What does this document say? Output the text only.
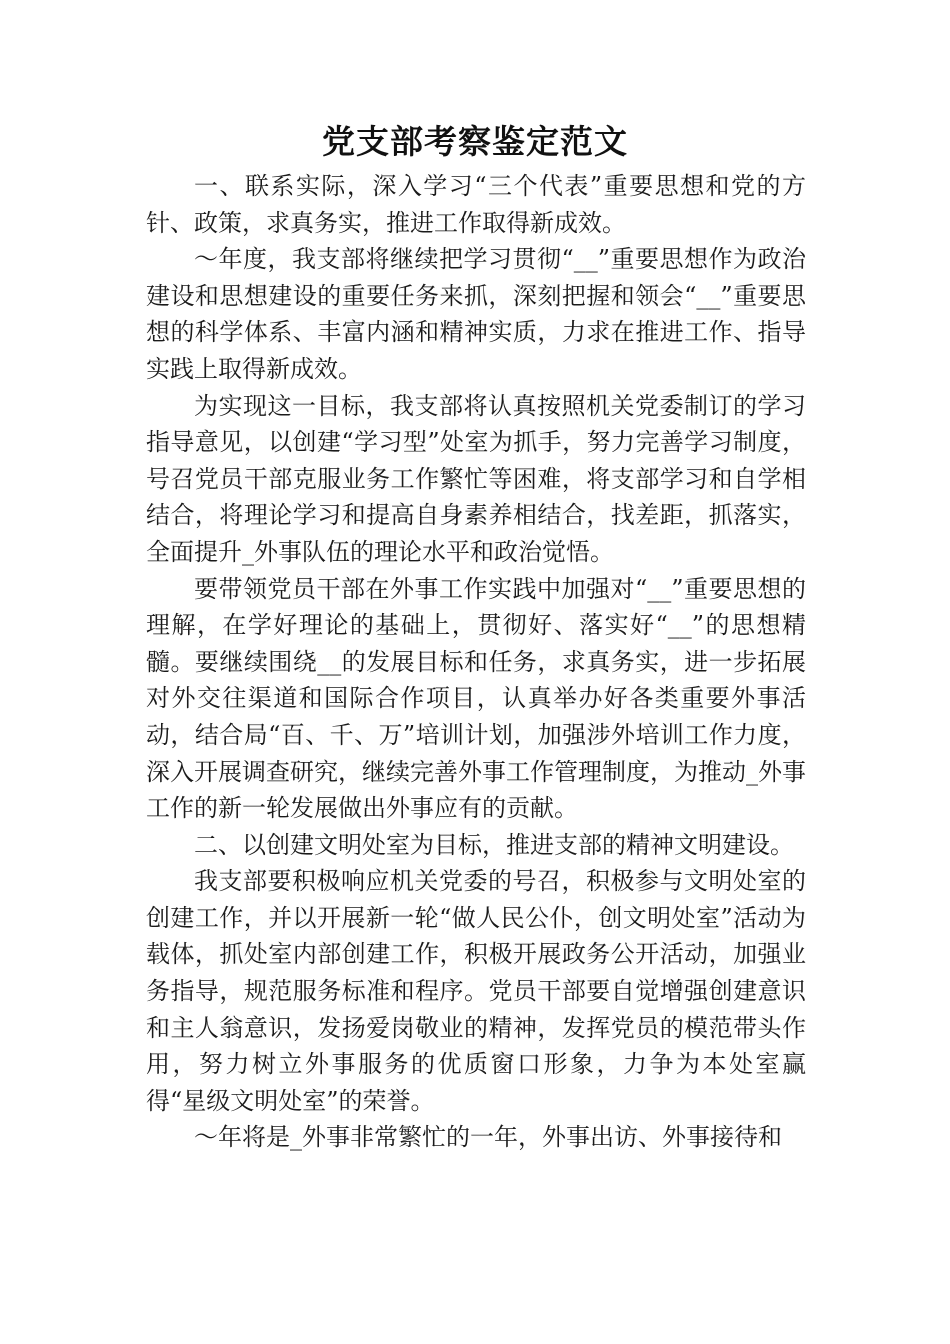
党支部考察鉴定范文

一、联系实际，深入学习“三个代表”重要思想和党的方针、政策，求真务实，推进工作取得新成效。

～年度，我支部将继续把学习贯彻“__”重要思想作为政治建设和思想建设的重要任务来抓，深刻把握和领会“__”重要思想的科学体系、丰富内涵和精神实质，力求在推进工作、指导实践上取得新成效。

为实现这一目标，我支部将认真按照机关党委制订的学习指导意见，以创建“学习型”处室为抓手，努力完善学习制度，号召党员干部克服业务工作繁忙等困难，将支部学习和自学相结合，将理论学习和提高自身素养相结合，找差距，抓落实，全面提升_外事队伍的理论水平和政治觉悟。

要带领党员干部在外事工作实践中加强对“__”重要思想的理解，在学好理论的基础上，贯彻好、落实好“__”的思想精髓。要继续围绕__的发展目标和任务，求真务实，进一步拓展对外交往渠道和国际合作项目，认真举办好各类重要外事活动，结合局“百、千、万”培训计划，加强涉外培训工作力度，深入开展调查研究，继续完善外事工作管理制度，为推动_外事工作的新一轮发展做出外事应有的贡献。

二、以创建文明处室为目标，推进支部的精神文明建设。

我支部要积极响应机关党委的号召，积极参与文明处室的创建工作，并以开展新一轮“做人民公仆，创文明处室”活动为载体，抓处室内部创建工作，积极开展政务公开活动，加强业务指导，规范服务标准和程序。党员干部要自觉增强创建意识和主人翁意识，发扬爱岗敬业的精神，发挥党员的模范带头作用，努力树立外事服务的优质窗口形象，力争为本处室赢得“星级文明处室”的荣誉。

～年将是_外事非常繁忙的一年，外事出访、外事接待和
